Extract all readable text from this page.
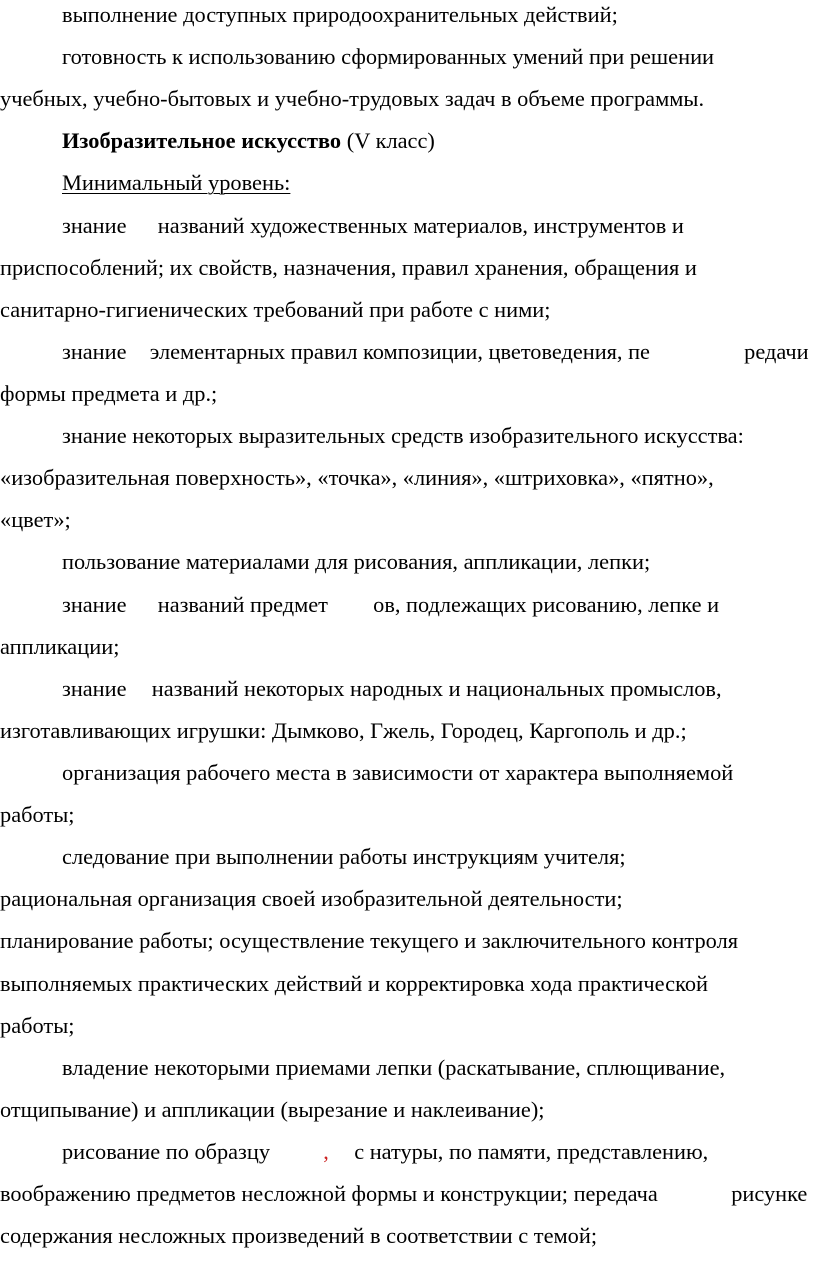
выполнение доступных природоохранительных действий;
готовность к использованию сформированных умений при решении
учебных, учебно-бытовых и учебно-трудовых задач в объеме программы.
Изобразительное искусство (V класс)
Минимальный уровень:
знание названий художественных материалов, инструментов и
приспособлений; их свойств, назначения, правил хранения, обращения и
санитарно-гигиенических требований при работе с ними;
знание элементарных правил композиции, цветоведения, пе	редачи
формы предмета и др.;
знание некоторых выразительных средств изобразительного искусства:
«изобразительная поверхность», «точка», «линия», «штриховка», «пятно»,
«цвет»;
пользование материалами для рисования, аппликации, лепки;
знание названий предмет ов, подлежащих рисованию, лепке и
аппликации;
знание названий некоторых народных и национальных промыслов,
изготавливающих игрушки: Дымково, Гжель, Городец, Каргополь и др.;
организация рабочего места в зависимости от характера выполняемой
работы;
следование при выполнении работы инструкциям учителя;
рациональная организация своей изобразительной деятельности;
планирование работы; осуществление текущего и заключительного контроля
выполняемых практических действий и корректировка хода практической
работы;
владение некоторыми приемами лепки (раскатывание, сплющивание,
отщипывание) и аппликации (вырезание и наклеивание);
рисование по образцу , с натуры, по памяти, представлению,
воображению предметов несложной формы и конструкции; передача	рисунке
содержания несложных произведений в соответствии с темой;
